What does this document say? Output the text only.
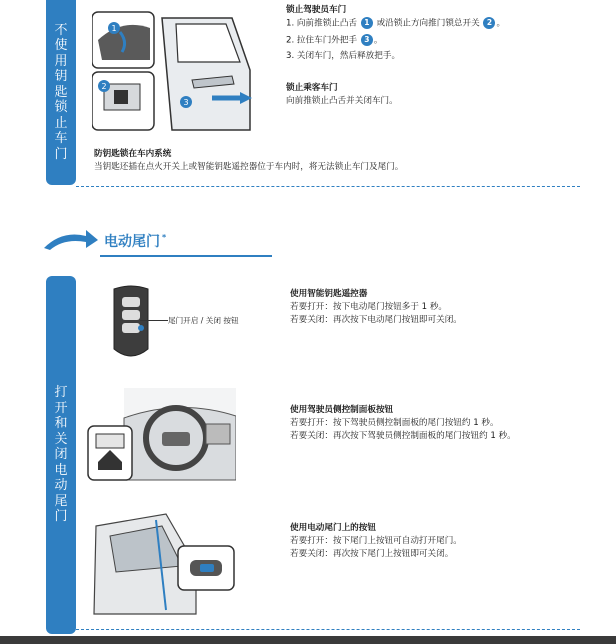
不
使
用
钥
匙
锁
止
车
门
打
开
和
关
闭
电
动
尾
门
1
2
3
锁止驾驶员车门
1. 向前推锁止凸舌 1 或沿锁止方向推门锁总开关 2 。
2. 拉住车门外把手 3 。
3. 关闭车门，然后释放把手。
锁止乘客车门
向前推锁止凸舌并关闭车门。
防钥匙锁在车内系统
当钥匙还插在点火开关上或智能钥匙遥控器位于车内时，将无法锁止车门及尾门。
电动尾门 *
尾门开启 / 关闭 按钮
使用智能钥匙遥控器
若要打开：按下电动尾门按钮多于 1 秒。
若要关闭：再次按下电动尾门按钮即可关闭。
使用驾驶员侧控制面板按钮
若要打开：按下驾驶员侧控制面板的尾门按钮约 1 秒。
若要关闭：再次按下驾驶员侧控制面板的尾门按钮约 1 秒。
使用电动尾门上的按钮
若要打开：按下尾门上按钮可自动打开尾门。
若要关闭：再次按下尾门上按钮即可关闭。
